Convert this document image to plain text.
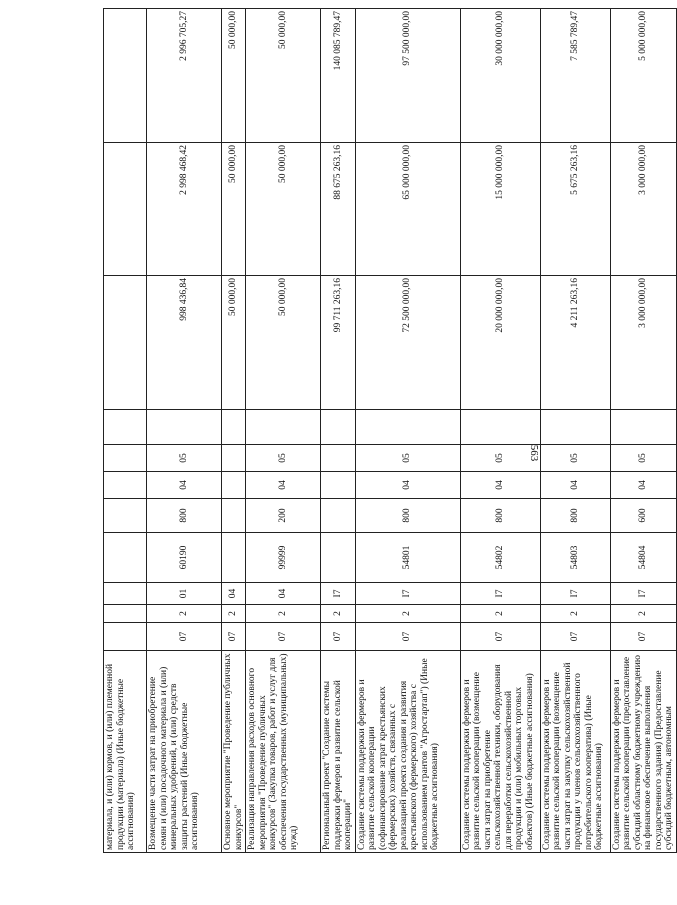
563
материала, и (или) кормов, и (или) племенной продукции (материала) (Иные бюджетные ассигнования)											
Возмещение части затрат на приобретение семян и (или) посадочного материала и (или) минеральных удобрений, и (или) средств защиты растений (Иные бюджетные ассигнования)	07	2	01	60190	800	04	05		998 436,84	2 998 468,42	2 996 705,27
Основное мероприятие "Проведение публичных конкурсов"	07	2	04						50 000,00	50 000,00	50 000,00
Реализация направления расходов основного мероприятия "Проведение публичных конкурсов" (Закупка товаров, работ и услуг для обеспечения государственных (муниципальных) нужд)	07	2	04	99999	200	04	05		50 000,00	50 000,00	50 000,00
Региональный проект "Создание системы поддержки фермеров и развитие сельской кооперации"	07	2	I7						99 711 263,16	88 675 263,16	140 085 789,47
Создание системы поддержки фермеров и развитие сельской кооперации (софинансирование затрат крестьянских (фермерских) хозяйств, связанных с реализацией проекта создания и развития крестьянского (фермерского) хозяйства с использованием грантов "Агростартап") (Иные бюджетные ассигнования)	07	2	I7	54801	800	04	05		72 500 000,00	65 000 000,00	97 500 000,00
Создание системы поддержки фермеров и развитие сельской кооперации (возмещение части затрат на приобретение сельскохозяйственной техники, оборудования для переработки сельскохозяйственной продукции и (или) мобильных торговых объектов) (Иные бюджетные ассигнования)	07	2	I7	54802	800	04	05		20 000 000,00	15 000 000,00	30 000 000,00
Создание системы поддержки фермеров и развитие сельской кооперации (возмещение части затрат на закупку сельскохозяйственной продукции у членов сельскохозяйственного потребительского кооператива) (Иные бюджетные ассигнования)	07	2	I7	54803	800	04	05		4 211 263,16	5 675 263,16	7 585 789,47
Создание системы поддержки фермеров и развитие сельской кооперации (предоставление субсидий областному бюджетному учреждению на финансовое обеспечение выполнения государственного задания) (Предоставление субсидий бюджетным, автономным	07	2	I7	54804	600	04	05		3 000 000,00	3 000 000,00	5 000 000,00
